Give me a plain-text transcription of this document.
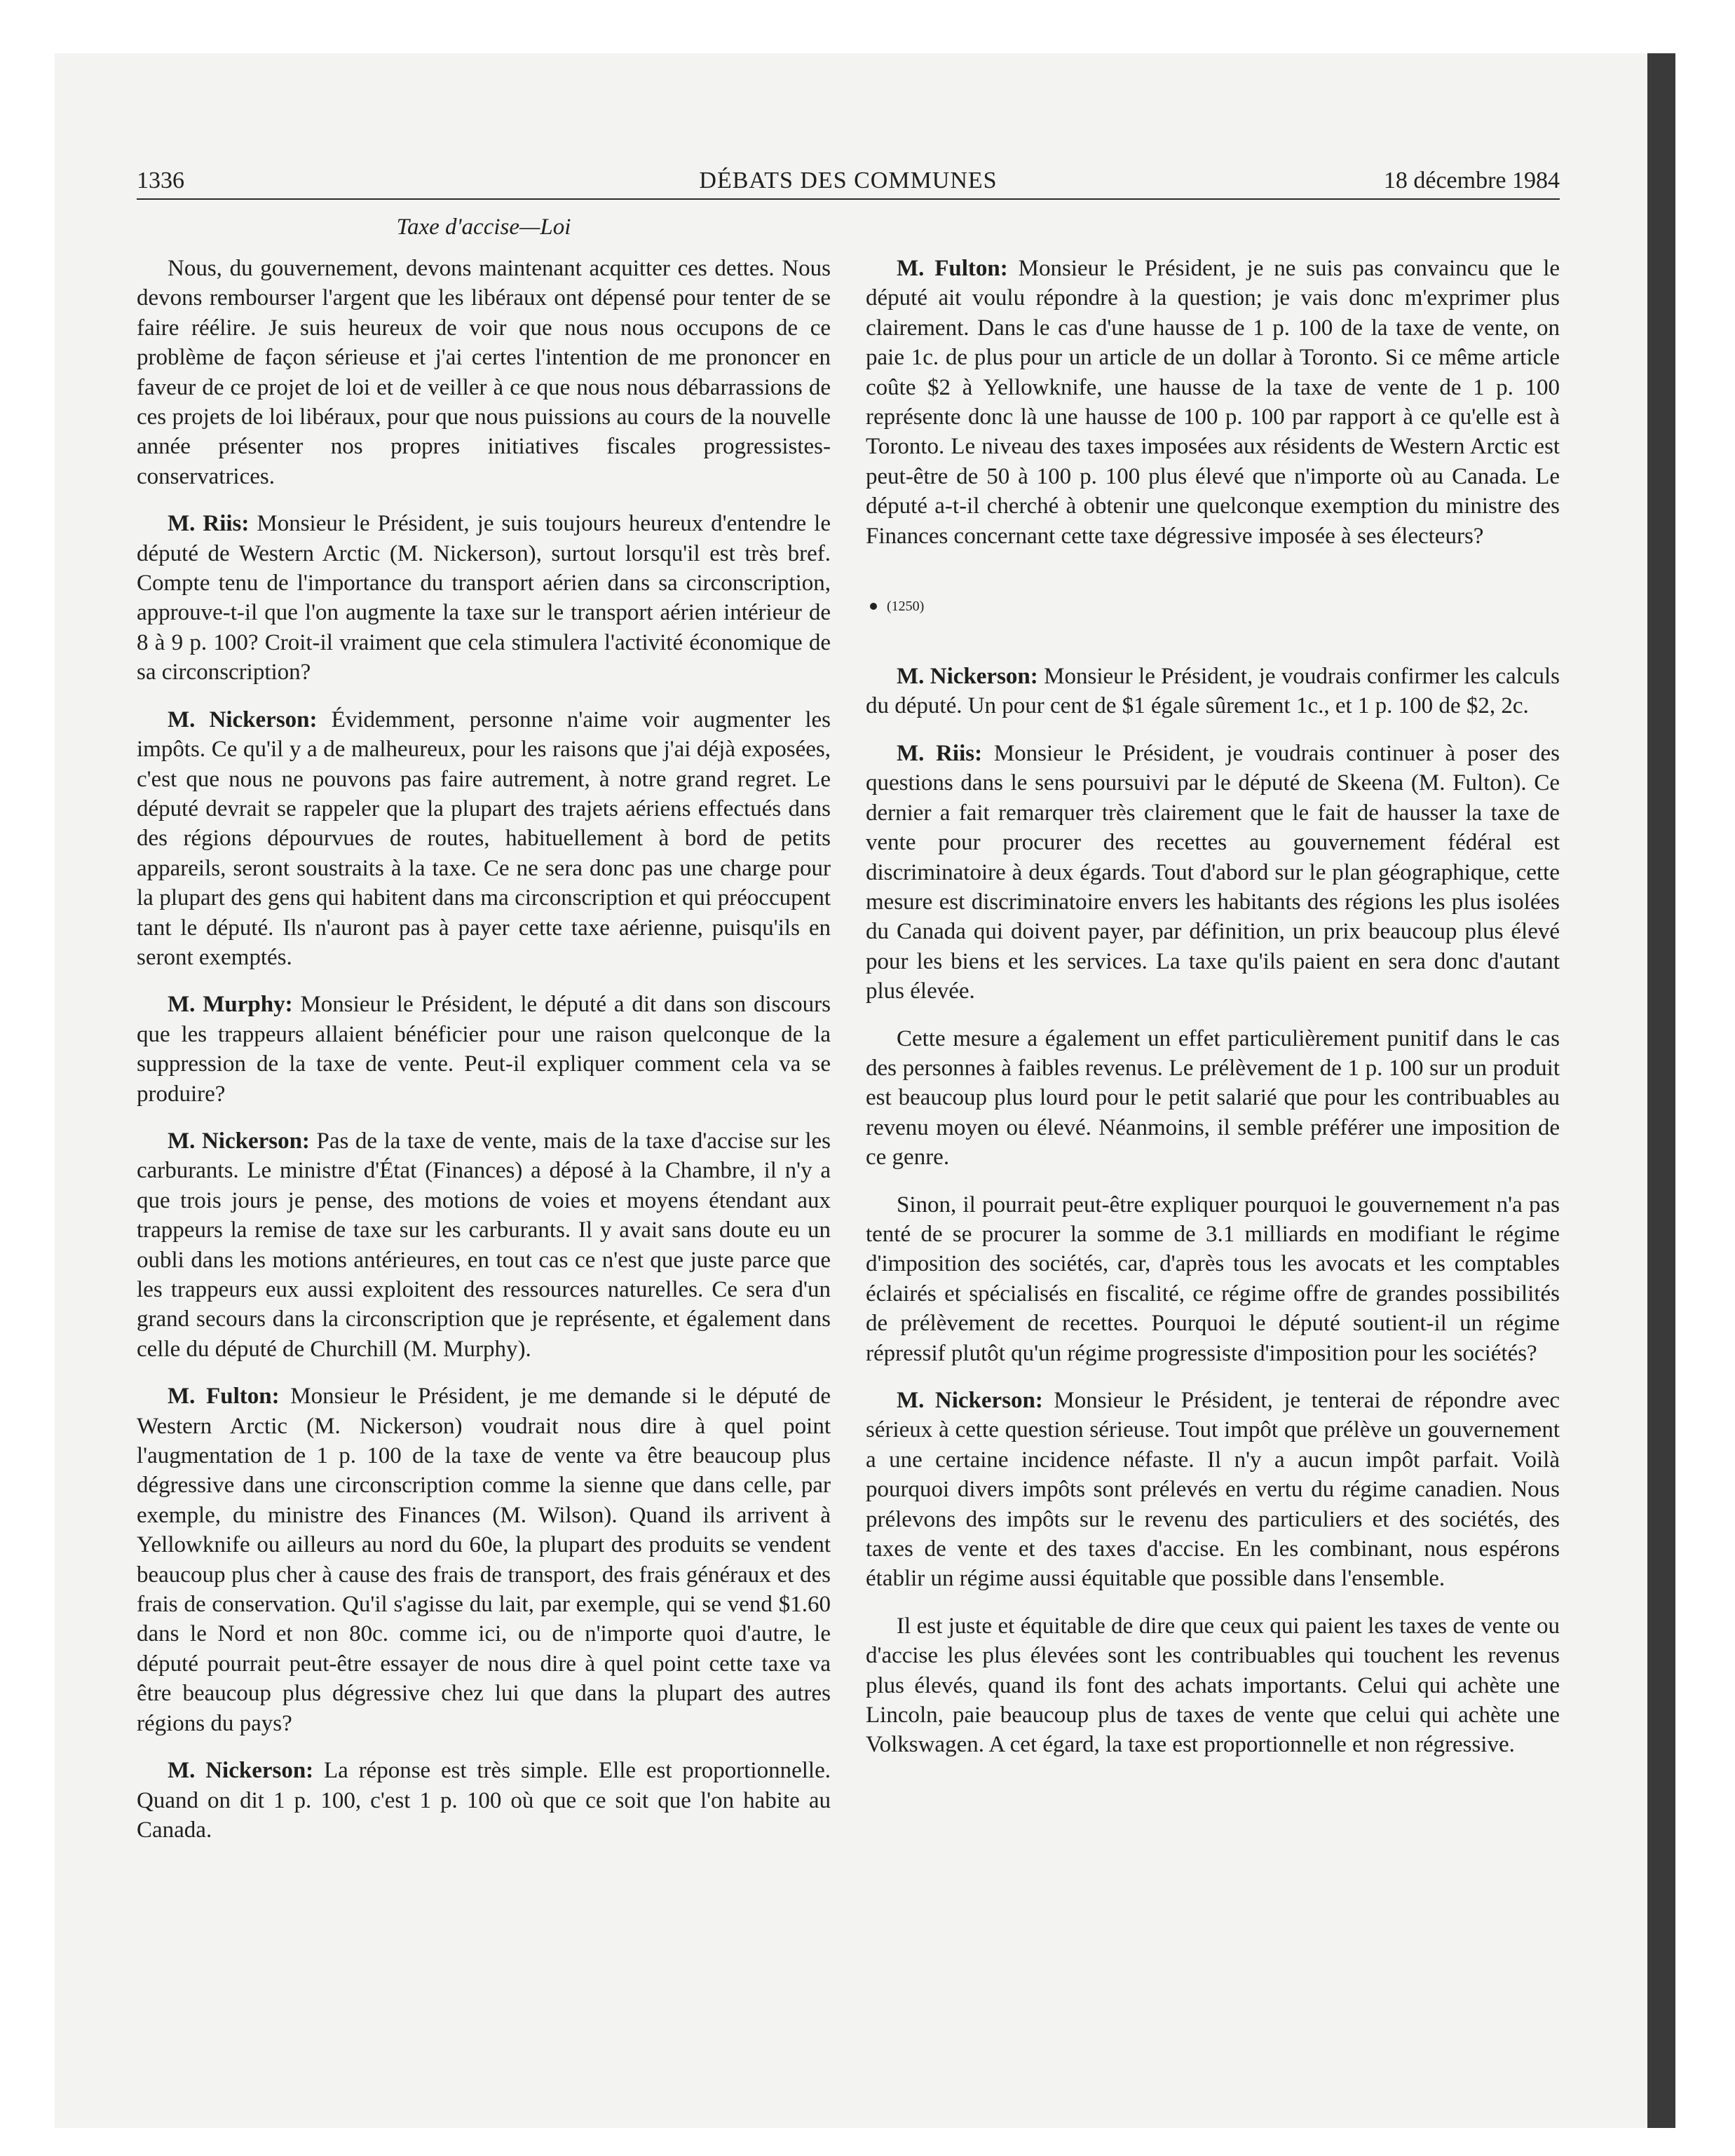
1336	DÉBATS DES COMMUNES	18 décembre 1984
Taxe d'accise—Loi

Nous, du gouvernement, devons maintenant acquitter ces dettes. Nous devons rembourser l'argent que les libéraux ont dépensé pour tenter de se faire réélire. Je suis heureux de voir que nous nous occupons de ce problème de façon sérieuse et j'ai certes l'intention de me prononcer en faveur de ce projet de loi et de veiller à ce que nous nous débarrassions de ces projets de loi libéraux, pour que nous puissions au cours de la nouvelle année présenter nos propres initiatives fiscales progressistes-conservatrices.

M. Riis: Monsieur le Président, je suis toujours heureux d'entendre le député de Western Arctic (M. Nickerson), surtout lorsqu'il est très bref. Compte tenu de l'importance du transport aérien dans sa circonscription, approuve-t-il que l'on augmente la taxe sur le transport aérien intérieur de 8 à 9 p. 100? Croit-il vraiment que cela stimulera l'activité économique de sa circonscription?

M. Nickerson: Évidemment, personne n'aime voir augmenter les impôts. Ce qu'il y a de malheureux, pour les raisons que j'ai déjà exposées, c'est que nous ne pouvons pas faire autrement, à notre grand regret. Le député devrait se rappeler que la plupart des trajets aériens effectués dans des régions dépourvues de routes, habituellement à bord de petits appareils, seront soustraits à la taxe. Ce ne sera donc pas une charge pour la plupart des gens qui habitent dans ma circonscription et qui préoccupent tant le député. Ils n'auront pas à payer cette taxe aérienne, puisqu'ils en seront exemptés.

M. Murphy: Monsieur le Président, le député a dit dans son discours que les trappeurs allaient bénéficier pour une raison quelconque de la suppression de la taxe de vente. Peut-il expliquer comment cela va se produire?

M. Nickerson: Pas de la taxe de vente, mais de la taxe d'accise sur les carburants. Le ministre d'État (Finances) a déposé à la Chambre, il n'y a que trois jours je pense, des motions de voies et moyens étendant aux trappeurs la remise de taxe sur les carburants. Il y avait sans doute eu un oubli dans les motions antérieures, en tout cas ce n'est que juste parce que les trappeurs eux aussi exploitent des ressources naturelles. Ce sera d'un grand secours dans la circonscription que je représente, et également dans celle du député de Churchill (M. Murphy).

M. Fulton: Monsieur le Président, je me demande si le député de Western Arctic (M. Nickerson) voudrait nous dire à quel point l'augmentation de 1 p. 100 de la taxe de vente va être beaucoup plus dégressive dans une circonscription comme la sienne que dans celle, par exemple, du ministre des Finances (M. Wilson). Quand ils arrivent à Yellowknife ou ailleurs au nord du 60e, la plupart des produits se vendent beaucoup plus cher à cause des frais de transport, des frais généraux et des frais de conservation. Qu'il s'agisse du lait, par exemple, qui se vend $1.60 dans le Nord et non 80c. comme ici, ou de n'importe quoi d'autre, le député pourrait peut-être essayer de nous dire à quel point cette taxe va être beaucoup plus dégressive chez lui que dans la plupart des autres régions du pays?

M. Nickerson: La réponse est très simple. Elle est proportionnelle. Quand on dit 1 p. 100, c'est 1 p. 100 où que ce soit que l'on habite au Canada.

M. Fulton: Monsieur le Président, je ne suis pas convaincu que le député ait voulu répondre à la question; je vais donc m'exprimer plus clairement. Dans le cas d'une hausse de 1 p. 100 de la taxe de vente, on paie 1c. de plus pour un article de un dollar à Toronto. Si ce même article coûte $2 à Yellowknife, une hausse de la taxe de vente de 1 p. 100 représente donc là une hausse de 100 p. 100 par rapport à ce qu'elle est à Toronto. Le niveau des taxes imposées aux résidents de Western Arctic est peut-être de 50 à 100 p. 100 plus élevé que n'importe où au Canada. Le député a-t-il cherché à obtenir une quelconque exemption du ministre des Finances concernant cette taxe dégressive imposée à ses électeurs?

(1250)

M. Nickerson: Monsieur le Président, je voudrais confirmer les calculs du député. Un pour cent de $1 égale sûrement 1c., et 1 p. 100 de $2, 2c.

M. Riis: Monsieur le Président, je voudrais continuer à poser des questions dans le sens poursuivi par le député de Skeena (M. Fulton). Ce dernier a fait remarquer très clairement que le fait de hausser la taxe de vente pour procurer des recettes au gouvernement fédéral est discriminatoire à deux égards. Tout d'abord sur le plan géographique, cette mesure est discriminatoire envers les habitants des régions les plus isolées du Canada qui doivent payer, par définition, un prix beaucoup plus élevé pour les biens et les services. La taxe qu'ils paient en sera donc d'autant plus élevée.

Cette mesure a également un effet particulièrement punitif dans le cas des personnes à faibles revenus. Le prélèvement de 1 p. 100 sur un produit est beaucoup plus lourd pour le petit salarié que pour les contribuables au revenu moyen ou élevé. Néanmoins, il semble préférer une imposition de ce genre.

Sinon, il pourrait peut-être expliquer pourquoi le gouvernement n'a pas tenté de se procurer la somme de 3.1 milliards en modifiant le régime d'imposition des sociétés, car, d'après tous les avocats et les comptables éclairés et spécialisés en fiscalité, ce régime offre de grandes possibilités de prélèvement de recettes. Pourquoi le député soutient-il un régime répressif plutôt qu'un régime progressiste d'imposition pour les sociétés?

M. Nickerson: Monsieur le Président, je tenterai de répondre avec sérieux à cette question sérieuse. Tout impôt que prélève un gouvernement a une certaine incidence néfaste. Il n'y a aucun impôt parfait. Voilà pourquoi divers impôts sont prélevés en vertu du régime canadien. Nous prélevons des impôts sur le revenu des particuliers et des sociétés, des taxes de vente et des taxes d'accise. En les combinant, nous espérons établir un régime aussi équitable que possible dans l'ensemble.

Il est juste et équitable de dire que ceux qui paient les taxes de vente ou d'accise les plus élevées sont les contribuables qui touchent les revenus plus élevés, quand ils font des achats importants. Celui qui achète une Lincoln, paie beaucoup plus de taxes de vente que celui qui achète une Volkswagen. A cet égard, la taxe est proportionnelle et non régressive.
